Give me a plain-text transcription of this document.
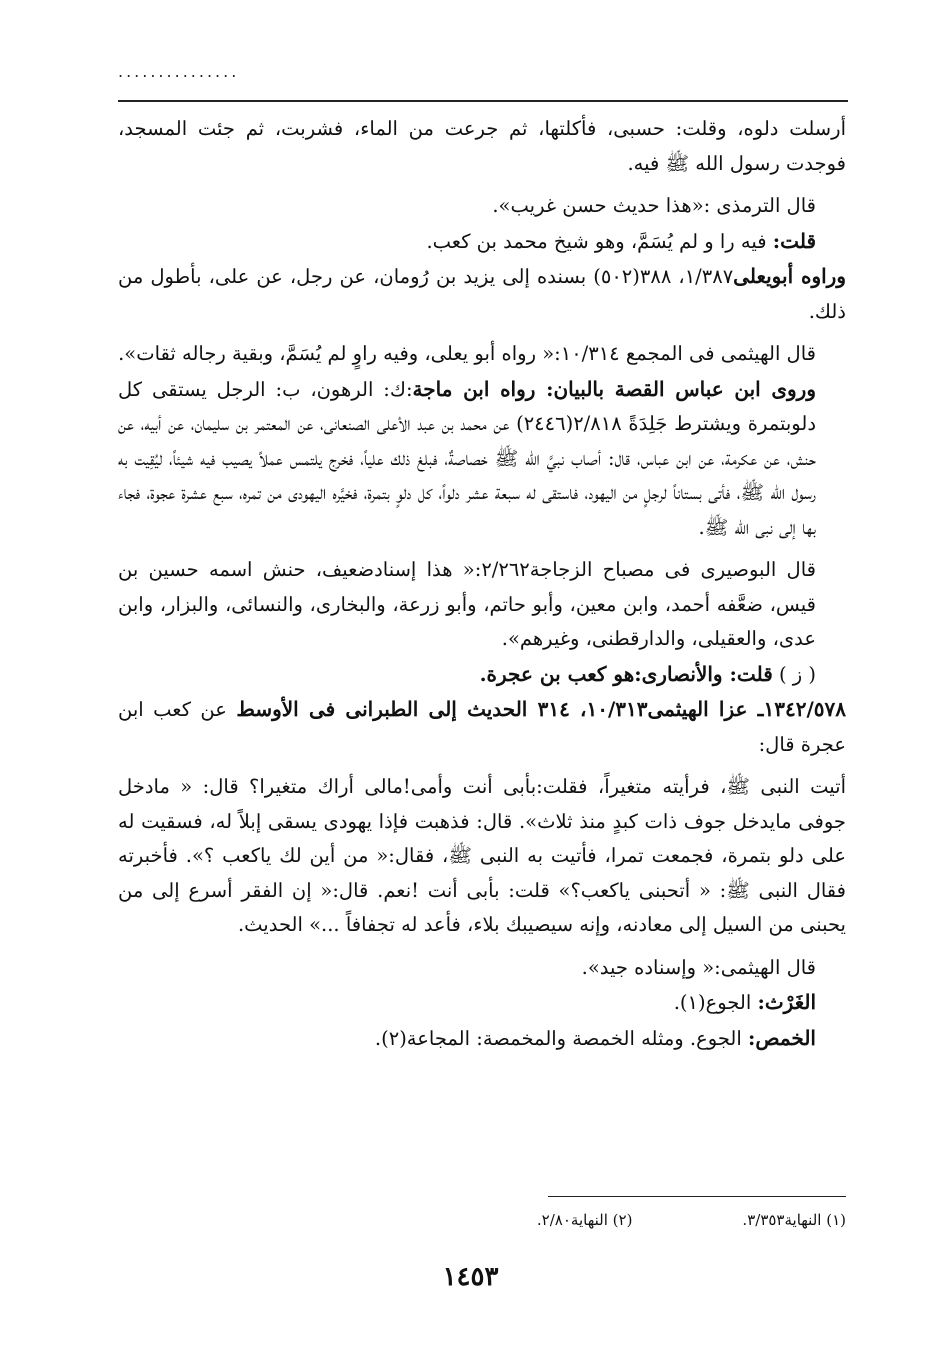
...............

أرسلت دلوه، وقلت: حسبى، فأكلتها، ثم جرعت من الماء، فشربت، ثم جئت المسجد، فوجدت رسول الله ﷺ فيه.

قال الترمذى :«هذا حديث حسن غريب».

قلت: فيه را و لم يُسَمَّ، وهو شيخ محمد بن كعب.

وراوه أبويعلى١/٣٨٧، ٣٨٨(٥٠٢) بسنده إلى يزيد بن رُومان، عن رجل، عن على، بأطول من ذلك.

قال الهيثمى فى المجمع ١٠/٣١٤:« رواه أبو يعلى، وفيه راوٍ لم يُسَمَّ، وبقية رجاله ثقات».

وروى ابن عباس القصة بالبيان: رواه ابن ماجة:ك: الرهون، ب: الرجل يستقى كل دلوبتمرة ويشترط جَلِدَةً ٢/٨١٨(٢٤٤٦) عن محمد بن عبد الأعلى الصنعانى، عن المعتمر بن سليمان، عن أبيه، عن حنش، عن عكرمة، عن ابن عباس، قال: أصاب نبيَّ الله ﷺ خصاصةٌ، فبلغ ذلك علياً، فخرج يلتمس عملاً يصيب فيه شيئاً، ليُقِيت به رسول الله ﷺ، فأتى بستاناً لرجلٍ من اليهود، فاستقى له سبعة عشر دلواً، كل دلوٍ بتمرة، فخيَّره اليهودى من تمره، سبع عشرة عجوة، فجاء بها إلى نبى الله ﷺ.

قال البوصيرى فى مصباح الزجاجة٢/٢٦٢:« هذا إسنادضعيف، حنش اسمه حسين بن قيس، ضعَّفه أحمد، وابن معين، وأبو حاتم، وأبو زرعة، والبخارى، والنسائى، والبزار، وابن عدى، والعقيلى، والدارقطنى، وغيرهم».

( ز ) قلت: والأنصارى:هو كعب بن عجرة.

١٣٤٢/٥٧٨ـ عزا الهيثمى١٠/٣١٣، ٣١٤ الحديث إلى الطبرانى فى الأوسط عن كعب ابن عجرة قال:

أتيت النبى ﷺ، فرأيته متغيراً، فقلت:بأبى أنت وأمى!مالى أراك متغيرا؟ قال: « مادخل جوفى مايدخل جوف ذات كبدٍ منذ ثلاث». قال: فذهبت فإذا يهودى يسقى إبلاً له، فسقيت له على دلو بتمرة، فجمعت تمرا، فأتيت به النبى ﷺ، فقال:« من أين لك ياكعب ؟». فأخبرته فقال النبى ﷺ: « أتحبنى ياكعب؟» قلت: بأبى أنت !نعم. قال:« إن الفقر أسرع إلى من يحبنى من السيل إلى معادنه، وإنه سيصيبك بلاء، فأعد له تجفافاً ...» الحديث.

قال الهيثمى:« وإسناده جيد».

الغَرْث: الجوع(١).

الخمص: الجوع. ومثله الخمصة والمخمصة: المجاعة(٢).

(١) النهاية٣/٣٥٣.
(٢) النهاية٢/٨٠.
١٤٥٣
